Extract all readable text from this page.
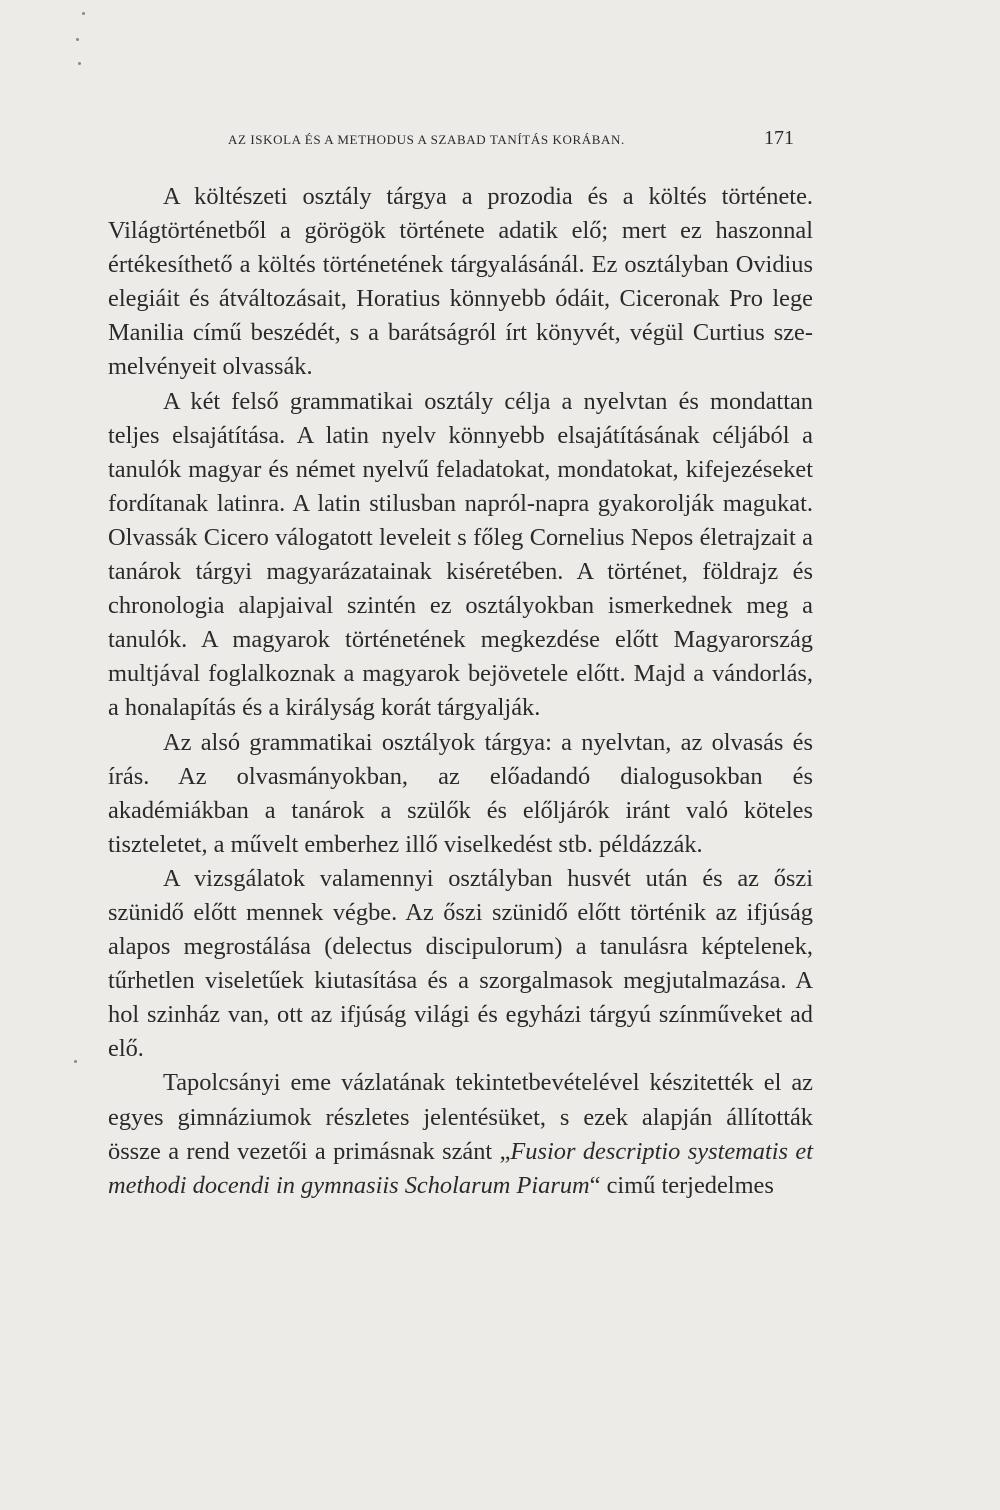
AZ ISKOLA ÉS A METHODUS A SZABAD TANÍTÁS KORÁBAN.	171

A költészeti osztály tárgya a prozodia és a költés története. Világtörténetből a görögök története adatik elő; mert ez haszonnal értékesíthető a költés történetének tárgyalásánál. Ez osztályban Ovidius elegiáit és átváltozásait, Horatius könnyebb ódáit, Ciceronak Pro lege Manilia című beszédét, s a barátságról írt könyvét, végül Curtius szemelvényeit olvassák.

A két felső grammatikai osztály célja a nyelvtan és mondattan teljes elsajátítása. A latin nyelv könnyebb elsajátításának céljából a tanulók magyar és német nyelvű feladatokat, mondatokat, kifejezéseket fordítanak latinra. A latin stilusban napról-napra gyakorolják magukat. Olvassák Cicero válogatott leveleit s főleg Cornelius Nepos életrajzait a tanárok tárgyi magyarázatainak kiséretében. A történet, földrajz és chronologia alapjaival szintén ez osztályokban ismerkednek meg a tanulók. A magyarok történetének megkezdése előtt Magyarország multjával foglalkoznak a magyarok bejövetele előtt. Majd a vándorlás, a honalapítás és a királyság korát tárgyalják.

Az alsó grammatikai osztályok tárgya: a nyelvtan, az olvasás és írás. Az olvasmányokban, az előadandó dialogusokban és akadémiákban a tanárok a szülők és előljárók iránt való köteles tiszteletet, a művelt emberhez illő viselkedést stb. példázzák.

A vizsgálatok valamennyi osztályban husvét után és az őszi szünidő előtt mennek végbe. Az őszi szünidő előtt történik az ifjúság alapos megrostálása (delectus discipulorum) a tanulásra képtelenek, tűrhetlen viseletűek kiutasítása és a szorgalmasok megjutalmazása. A hol szinház van, ott az ifjúság világi és egyházi tárgyú színműveket ad elő.

Tapolcsányi eme vázlatának tekintetbevételével készitették el az egyes gimnáziumok részletes jelentésüket, s ezek alapján állították össze a rend vezetői a primásnak szánt „Fusior descriptio systematis et methodi docendi in gymnasiis Scholarum Piarum“ cimű terjedelmes
